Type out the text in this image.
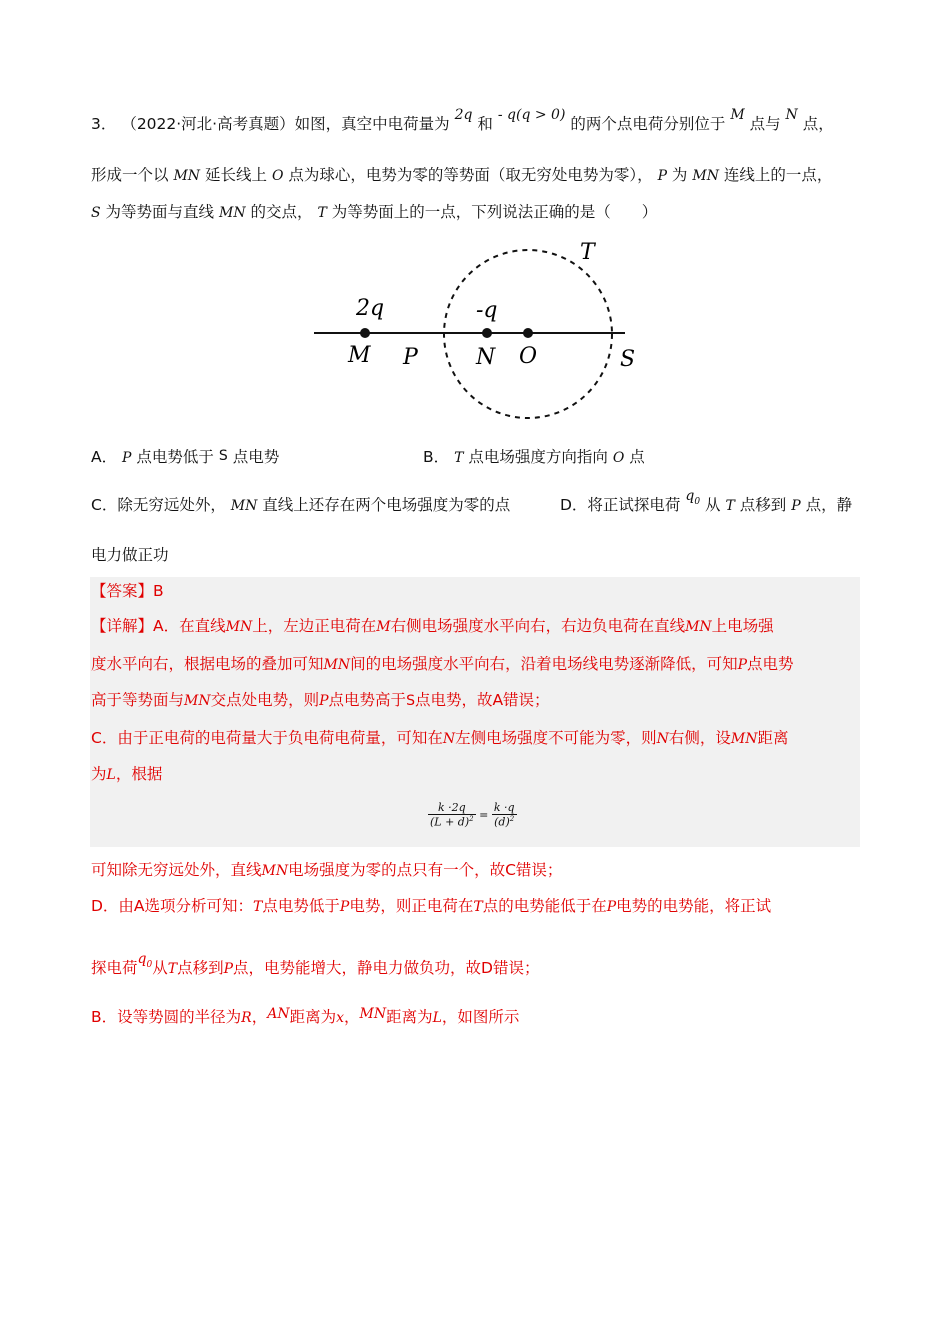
3． （2022·河北·高考真题）如图，真空中电荷量为 2q 和 - q(q > 0) 的两个点电荷分别位于 M 点与 N 点，
形成一个以 MN 延长线上 O 点为球心，电势为零的等势面（取无穷处电势为零）， P 为 MN 连线上的一点，
S 为等势面与直线 MN 的交点， T 为等势面上的一点，下列说法正确的是（　　）
2q	-q
M P	N O	S
T
A． P 点电势低于 S 点电势	B． T 点电场强度方向指向 O 点
C．除无穷远处外， MN 直线上还存在两个电场强度为零的点	D．将正试探电荷 $q_0$ 从 T 点移到 P 点，静
电力做正功
【答案】B
【详解】A．在直线MN上，左边正电荷在M右侧电场强度水平向右，右边负电荷在直线MN上电场强
度水平向右，根据电场的叠加可知MN间的电场强度水平向右，沿着电场线电势逐渐降低，可知P点电势
高于等势面与MN交点处电势，则P点电势高于S点电势，故A错误；
C．由于正电荷的电荷量大于负电荷电荷量，可知在N左侧电场强度不可能为零，则N右侧，设MN距离
为L，根据
$\frac{k \cdot 2q}{(L + d)^2} = \frac{k \cdot q}{(d)^2}$
可知除无穷远处外，直线MN电场强度为零的点只有一个，故C错误；
D．由A选项分析可知：T点电势低于P电势，则正电荷在T点的电势能低于在P电势的电势能，将正试
探电荷$q_0$从T点移到P点，电势能增大，静电力做负功，故D错误；
B．设等势圆的半径为R，AN距离为x，MN距离为L，如图所示
